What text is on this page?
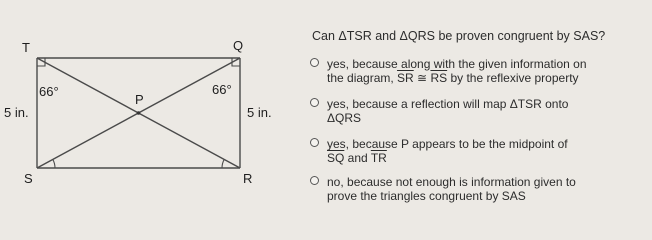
T	Q
P
S	R
66°	66°
5 in.	5 in.
Can ΔTSR and ΔQRS be proven congruent by SAS?
yes, because along with the given information on
the diagram, $\overline{SR}$ ≅ $\overline{RS}$ by the reflexive property
yes, because a reflection will map ΔTSR onto
ΔQRS
yes, because P appears to be the midpoint of
$\overline{SQ}$ and $\overline{TR}$
no, because not enough is information given to
prove the triangles congruent by SAS
